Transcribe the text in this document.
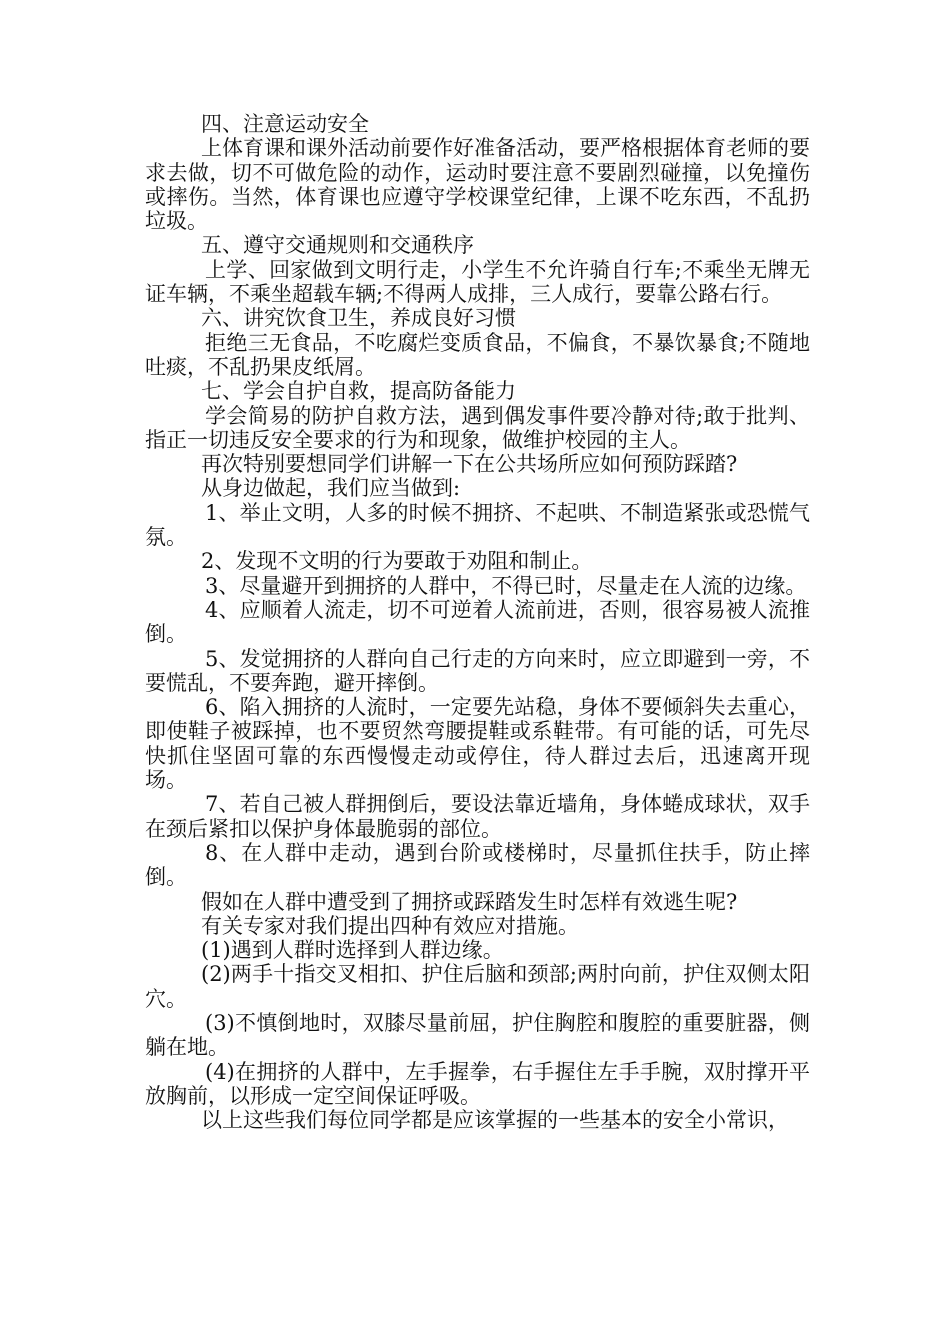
四、注意运动安全

上体育课和课外活动前要作好准备活动，要严格根据体育老师的要求去做，切不可做危险的动作，运动时要注意不要剧烈碰撞，以免撞伤或摔伤。当然，体育课也应遵守学校课堂纪律，上课不吃东西，不乱扔垃圾。

五、遵守交通规则和交通秩序

上学、回家做到文明行走，小学生不允许骑自行车;不乘坐无牌无证车辆，不乘坐超载车辆;不得两人成排，三人成行，要靠公路右行。

六、讲究饮食卫生，养成良好习惯

拒绝三无食品，不吃腐烂变质食品，不偏食，不暴饮暴食;不随地吐痰，不乱扔果皮纸屑。

七、学会自护自救，提高防备能力

学会简易的防护自救方法，遇到偶发事件要冷静对待;敢于批判、指正一切违反安全要求的行为和现象，做维护校园的主人。

再次特别要想同学们讲解一下在公共场所应如何预防踩踏?

从身边做起，我们应当做到:

1、举止文明，人多的时候不拥挤、不起哄、不制造紧张或恐慌气氛。

2、发现不文明的行为要敢于劝阻和制止。

3、尽量避开到拥挤的人群中，不得已时，尽量走在人流的边缘。

4、应顺着人流走，切不可逆着人流前进，否则，很容易被人流推倒。

5、发觉拥挤的人群向自己行走的方向来时，应立即避到一旁，不要慌乱，不要奔跑，避开摔倒。

6、陷入拥挤的人流时，一定要先站稳，身体不要倾斜失去重心，即使鞋子被踩掉，也不要贸然弯腰提鞋或系鞋带。有可能的话，可先尽快抓住坚固可靠的东西慢慢走动或停住，待人群过去后，迅速离开现场。

7、若自己被人群拥倒后，要设法靠近墙角，身体蜷成球状，双手在颈后紧扣以保护身体最脆弱的部位。

8、在人群中走动，遇到台阶或楼梯时，尽量抓住扶手，防止摔倒。

假如在人群中遭受到了拥挤或踩踏发生时怎样有效逃生呢?

有关专家对我们提出四种有效应对措施。

(1)遇到人群时选择到人群边缘。

(2)两手十指交叉相扣、护住后脑和颈部;两肘向前，护住双侧太阳穴。

(3)不慎倒地时，双膝尽量前屈，护住胸腔和腹腔的重要脏器，侧躺在地。

(4)在拥挤的人群中，左手握拳，右手握住左手手腕，双肘撑开平放胸前，以形成一定空间保证呼吸。

以上这些我们每位同学都是应该掌握的一些基本的安全小常识，
